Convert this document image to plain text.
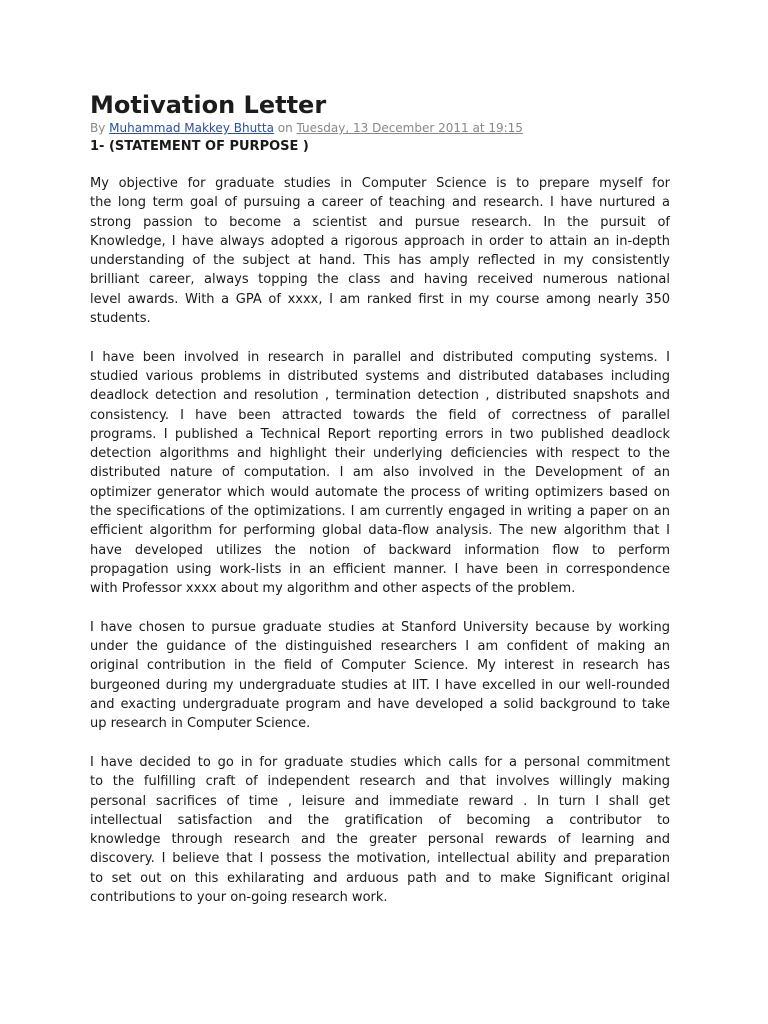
Motivation Letter
By Muhammad Makkey Bhutta on Tuesday, 13 December 2011 at 19:15
1- (STATEMENT OF PURPOSE )
My objective for graduate studies in Computer Science is to prepare myself for
the long term goal of pursuing a career of teaching and research. I have nurtured a
strong passion to become a scientist and pursue research. In the pursuit of
Knowledge, I have always adopted a rigorous approach in order to attain an in-depth
understanding of the subject at hand. This has amply reflected in my consistently
brilliant career, always topping the class and having received numerous national
level awards. With a GPA of xxxx, I am ranked first in my course among nearly 350
students.
I have been involved in research in parallel and distributed computing systems. I
studied various problems in distributed systems and distributed databases including
deadlock detection and resolution , termination detection , distributed snapshots and
consistency. I have been attracted towards the field of correctness of parallel
programs. I published a Technical Report reporting errors in two published deadlock
detection algorithms and highlight their underlying deficiencies with respect to the
distributed nature of computation. I am also involved in the Development of an
optimizer generator which would automate the process of writing optimizers based on
the specifications of the optimizations. I am currently engaged in writing a paper on an
efficient algorithm for performing global data-flow analysis. The new algorithm that I
have developed utilizes the notion of backward information flow to perform
propagation using work-lists in an efficient manner. I have been in correspondence
with Professor xxxx about my algorithm and other aspects of the problem.
I have chosen to pursue graduate studies at Stanford University because by working
under the guidance of the distinguished researchers I am confident of making an
original contribution in the field of Computer Science. My interest in research has
burgeoned during my undergraduate studies at IIT. I have excelled in our well-rounded
and exacting undergraduate program and have developed a solid background to take
up research in Computer Science.
I have decided to go in for graduate studies which calls for a personal commitment
to the fulfilling craft of independent research and that involves willingly making
personal sacrifices of time , leisure and immediate reward . In turn I shall get
intellectual satisfaction and the gratification of becoming a contributor to
knowledge through research and the greater personal rewards of learning and
discovery. I believe that I possess the motivation, intellectual ability and preparation
to set out on this exhilarating and arduous path and to make Significant original
contributions to your on-going research work.
